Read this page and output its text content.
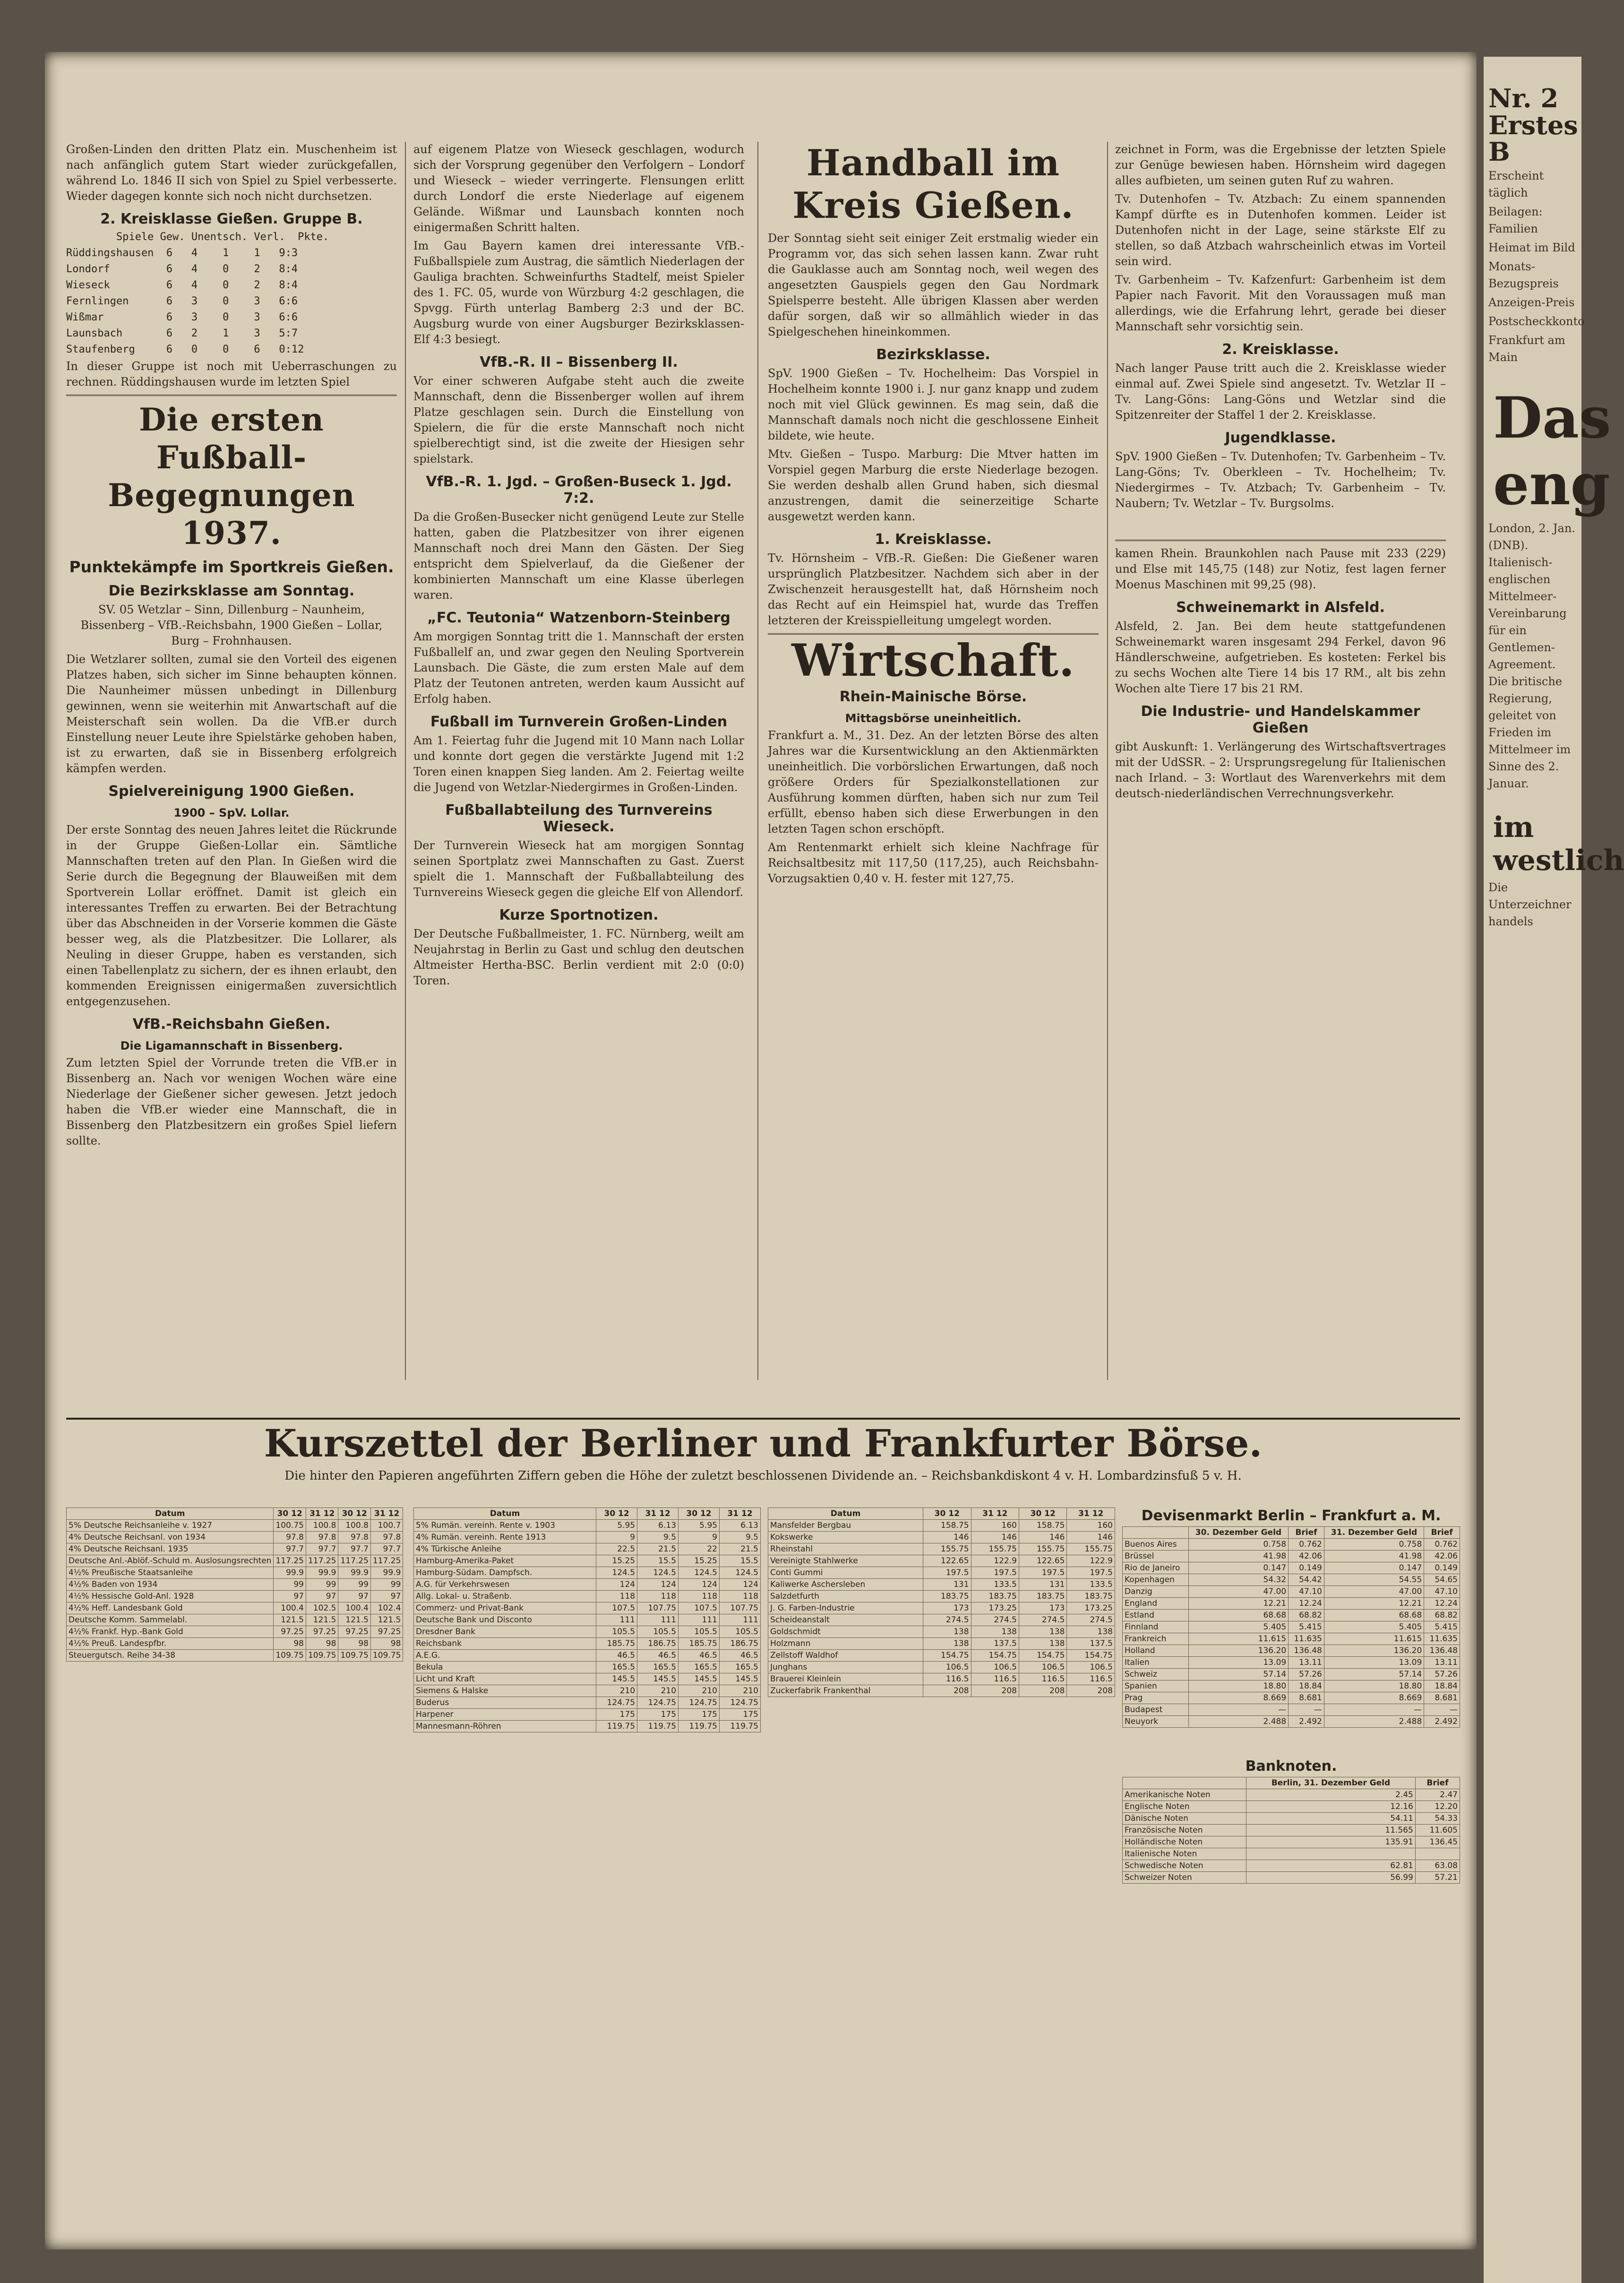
Nr. 2 Erstes B

Erscheint täglich

Beilagen: Familien

Heimat im Bild

Monats-Bezugspreis

Anzeigen-Preis

Postscheckkonto

Frankfurt am Main

Das eng

London, 2. Jan. (DNB). Italienisch-englischen Mittelmeer-Vereinbarung für ein Gentlemen-Agreement. Die britische Regierung, geleitet von Frieden im Mittelmeer im Sinne des 2. Januar.

im westlich

Die Unterzeichner handels

Großen-Linden den dritten Platz ein. Muschenheim ist nach anfänglich gutem Start wieder zurückgefallen, während Lo. 1846 II sich von Spiel zu Spiel verbesserte. Wieder dagegen konnte sich noch nicht durchsetzen.

2. Kreisklasse Gießen. Gruppe B.
Spiele Gew. Unentsch. Verl.  Pkte.
Rüddingshausen  6   4    1    1   9:3
Londorf         6   4    0    2   8:4
Wieseck         6   4    0    2   8:4
Fernlingen      6   3    0    3   6:6
Wißmar          6   3    0    3   6:6
Launsbach       6   2    1    3   5:7
Staufenberg     6   0    0    6   0:12

In dieser Gruppe ist noch mit Ueberraschungen zu rechnen. Rüddingshausen wurde im letzten Spiel

Die ersten Fußball-Begegnungen 1937.
Punktekämpfe im Sportkreis Gießen.
Die Bezirksklasse am Sonntag.

SV. 05 Wetzlar – Sinn, Dillenburg – Naunheim, Bissenberg – VfB.-Reichsbahn, 1900 Gießen – Lollar, Burg – Frohnhausen.

Die Wetzlarer sollten, zumal sie den Vorteil des eigenen Platzes haben, sich sicher im Sinne behaupten können. Die Naunheimer müssen unbedingt in Dillenburg gewinnen, wenn sie weiterhin mit Anwartschaft auf die Meisterschaft sein wollen. Da die VfB.er durch Einstellung neuer Leute ihre Spielstärke gehoben haben, ist zu erwarten, daß sie in Bissenberg erfolgreich kämpfen werden.

Spielvereinigung 1900 Gießen.
1900 – SpV. Lollar.

Der erste Sonntag des neuen Jahres leitet die Rückrunde in der Gruppe Gießen-Lollar ein. Sämtliche Mannschaften treten auf den Plan. In Gießen wird die Serie durch die Begegnung der Blauweißen mit dem Sportverein Lollar eröffnet. Damit ist gleich ein interessantes Treffen zu erwarten. Bei der Betrachtung über das Abschneiden in der Vorserie kommen die Gäste besser weg, als die Platzbesitzer. Die Lollarer, als Neuling in dieser Gruppe, haben es verstanden, sich einen Tabellenplatz zu sichern, der es ihnen erlaubt, den kommenden Ereignissen einigermaßen zuversichtlich entgegenzusehen.

VfB.-Reichsbahn Gießen.
Die Ligamannschaft in Bissenberg.

Zum letzten Spiel der Vorrunde treten die VfB.er in Bissenberg an. Nach vor wenigen Wochen wäre eine Niederlage der Gießener sicher gewesen. Jetzt jedoch haben die VfB.er wieder eine Mannschaft, die in Bissenberg den Platzbesitzern ein großes Spiel liefern sollte.

auf eigenem Platze von Wieseck geschlagen, wodurch sich der Vorsprung gegenüber den Verfolgern – Londorf und Wieseck – wieder verringerte. Flensungen erlitt durch Londorf die erste Niederlage auf eigenem Gelände. Wißmar und Launsbach konnten noch einigermaßen Schritt halten.

Im Gau Bayern kamen drei interessante VfB.-Fußballspiele zum Austrag, die sämtlich Niederlagen der Gauliga brachten. Schweinfurths Stadtelf, meist Spieler des 1. FC. 05, wurde von Würzburg 4:2 geschlagen, die Spvgg. Fürth unterlag Bamberg 2:3 und der BC. Augsburg wurde von einer Augsburger Bezirksklassen-Elf 4:3 besiegt.

VfB.-R. II – Bissenberg II.

Vor einer schweren Aufgabe steht auch die zweite Mannschaft, denn die Bissenberger wollen auf ihrem Platze geschlagen sein. Durch die Einstellung von Spielern, die für die erste Mannschaft noch nicht spielberechtigt sind, ist die zweite der Hiesigen sehr spielstark.

VfB.-R. 1. Jgd. – Großen-Buseck 1. Jgd. 7:2.

Da die Großen-Busecker nicht genügend Leute zur Stelle hatten, gaben die Platzbesitzer von ihrer eigenen Mannschaft noch drei Mann den Gästen. Der Sieg entspricht dem Spielverlauf, da die Gießener der kombinierten Mannschaft um eine Klasse überlegen waren.

„FC. Teutonia“ Watzenborn-Steinberg

Am morgigen Sonntag tritt die 1. Mannschaft der ersten Fußballelf an, und zwar gegen den Neuling Sportverein Launsbach. Die Gäste, die zum ersten Male auf dem Platz der Teutonen antreten, werden kaum Aussicht auf Erfolg haben.

Fußball im Turnverein Großen-Linden

Am 1. Feiertag fuhr die Jugend mit 10 Mann nach Lollar und konnte dort gegen die verstärkte Jugend mit 1:2 Toren einen knappen Sieg landen. Am 2. Feiertag weilte die Jugend von Wetzlar-Niedergirmes in Großen-Linden.

Fußballabteilung des Turnvereins Wieseck.

Der Turnverein Wieseck hat am morgigen Sonntag seinen Sportplatz zwei Mannschaften zu Gast. Zuerst spielt die 1. Mannschaft der Fußballabteilung des Turnvereins Wieseck gegen die gleiche Elf von Allendorf.

Kurze Sportnotizen.

Der Deutsche Fußballmeister, 1. FC. Nürnberg, weilt am Neujahrstag in Berlin zu Gast und schlug den deutschen Altmeister Hertha-BSC. Berlin verdient mit 2:0 (0:0) Toren.

Handball im Kreis Gießen.

Der Sonntag sieht seit einiger Zeit erstmalig wieder ein Programm vor, das sich sehen lassen kann. Zwar ruht die Gauklasse auch am Sonntag noch, weil wegen des angesetzten Gauspiels gegen den Gau Nordmark Spielsperre besteht. Alle übrigen Klassen aber werden dafür sorgen, daß wir so allmählich wieder in das Spielgeschehen hineinkommen.

Bezirksklasse.

SpV. 1900 Gießen – Tv. Hochelheim: Das Vorspiel in Hochelheim konnte 1900 i. J. nur ganz knapp und zudem noch mit viel Glück gewinnen. Es mag sein, daß die Mannschaft damals noch nicht die geschlossene Einheit bildete, wie heute.

Mtv. Gießen – Tuspo. Marburg: Die Mtver hatten im Vorspiel gegen Marburg die erste Niederlage bezogen. Sie werden deshalb allen Grund haben, sich diesmal anzustrengen, damit die seinerzeitige Scharte ausgewetzt werden kann.

1. Kreisklasse.

Tv. Hörnsheim – VfB.-R. Gießen: Die Gießener waren ursprünglich Platzbesitzer. Nachdem sich aber in der Zwischenzeit herausgestellt hat, daß Hörnsheim noch das Recht auf ein Heimspiel hat, wurde das Treffen letzteren der Kreisspielleitung umgelegt worden.

Wirtschaft.
Rhein-Mainische Börse.
Mittagsbörse uneinheitlich.

Frankfurt a. M., 31. Dez. An der letzten Börse des alten Jahres war die Kursentwicklung an den Aktienmärkten uneinheitlich. Die vorbörslichen Erwartungen, daß noch größere Orders für Spezialkonstellationen zur Ausführung kommen dürften, haben sich nur zum Teil erfüllt, ebenso haben sich diese Erwerbungen in den letzten Tagen schon erschöpft.

Am Rentenmarkt erhielt sich kleine Nachfrage für Reichsaltbesitz mit 117,50 (117,25), auch Reichsbahn-Vorzugsaktien 0,40 v. H. fester mit 127,75.

zeichnet in Form, was die Ergebnisse der letzten Spiele zur Genüge bewiesen haben. Hörnsheim wird dagegen alles aufbieten, um seinen guten Ruf zu wahren.

Tv. Dutenhofen – Tv. Atzbach: Zu einem spannenden Kampf dürfte es in Dutenhofen kommen. Leider ist Dutenhofen nicht in der Lage, seine stärkste Elf zu stellen, so daß Atzbach wahrscheinlich etwas im Vorteil sein wird.

Tv. Garbenheim – Tv. Kafzenfurt: Garbenheim ist dem Papier nach Favorit. Mit den Voraussagen muß man allerdings, wie die Erfahrung lehrt, gerade bei dieser Mannschaft sehr vorsichtig sein.

2. Kreisklasse.

Nach langer Pause tritt auch die 2. Kreisklasse wieder einmal auf. Zwei Spiele sind angesetzt. Tv. Wetzlar II – Tv. Lang-Göns: Lang-Göns und Wetzlar sind die Spitzenreiter der Staffel 1 der 2. Kreisklasse.

Jugendklasse.

SpV. 1900 Gießen – Tv. Dutenhofen; Tv. Garbenheim – Tv. Lang-Göns; Tv. Oberkleen – Tv. Hochelheim; Tv. Niedergirmes – Tv. Atzbach; Tv. Garbenheim – Tv. Naubern; Tv. Wetzlar – Tv. Burgsolms.

kamen Rhein. Braunkohlen nach Pause mit 233 (229) und Else mit 145,75 (148) zur Notiz, fest lagen ferner Moenus Maschinen mit 99,25 (98).

Schweinemarkt in Alsfeld.

Alsfeld, 2. Jan. Bei dem heute stattgefundenen Schweinemarkt waren insgesamt 294 Ferkel, davon 96 Händlerschweine, aufgetrieben. Es kosteten: Ferkel bis zu sechs Wochen alte Tiere 14 bis 17 RM., alt bis zehn Wochen alte Tiere 17 bis 21 RM.

Die Industrie- und Handelskammer Gießen

gibt Auskunft: 1. Verlängerung des Wirtschaftsvertrages mit der UdSSR. – 2: Ursprungsregelung für Italienischen nach Irland. – 3: Wortlaut des Warenverkehrs mit dem deutsch-niederländischen Verrechnungsverkehr.

Kurszettel der Berliner und Frankfurter Börse.
Die hinter den Papieren angeführten Ziffern geben die Höhe der zuletzt beschlossenen Dividende an. – Reichsbankdiskont 4 v. H. Lombardzinsfuß 5 v. H.
Datum	30 12	31 12	30 12	31 12
5% Deutsche Reichsanleihe v. 1927	100.75	100.8	100.8	100.7
4% Deutsche Reichsanl. von 1934	97.8	97.8	97.8	97.8
4% Deutsche Reichsanl. 1935	97.7	97.7	97.7	97.7
Deutsche Anl.-Ablöf.-Schuld m. Auslosungsrechten	117.25	117.25	117.25	117.25
4½% Preußische Staatsanleihe	99.9	99.9	99.9	99.9
4½% Baden von 1934	99	99	99	99
4½% Hessische Gold-Anl. 1928	97	97	97	97
4½% Heff. Landesbank Gold	100.4	102.5	100.4	102.4
Deutsche Komm. Sammelabl.	121.5	121.5	121.5	121.5
4½% Frankf. Hyp.-Bank Gold	97.25	97.25	97.25	97.25
4½% Preuß. Landespfbr.	98	98	98	98
Steuergutsch. Reihe 34-38	109.75	109.75	109.75	109.75
Datum	30 12	31 12	30 12	31 12
5% Rumän. vereinh. Rente v. 1903	5.95	6.13	5.95	6.13
4% Rumän. vereinh. Rente 1913	9	9.5	9	9.5
4% Türkische Anleihe	22.5	21.5	22	21.5
Hamburg-Amerika-Paket	15.25	15.5	15.25	15.5
Hamburg-Südam. Dampfsch.	124.5	124.5	124.5	124.5
A.G. für Verkehrswesen	124	124	124	124
Allg. Lokal- u. Straßenb.	118	118	118	118
Commerz- und Privat-Bank	107.5	107.75	107.5	107.75
Deutsche Bank und Disconto	111	111	111	111
Dresdner Bank	105.5	105.5	105.5	105.5
Reichsbank	185.75	186.75	185.75	186.75
A.E.G.	46.5	46.5	46.5	46.5
Bekula	165.5	165.5	165.5	165.5
Licht und Kraft	145.5	145.5	145.5	145.5
Siemens & Halske	210	210	210	210
Buderus	124.75	124.75	124.75	124.75
Harpener	175	175	175	175
Mannesmann-Röhren	119.75	119.75	119.75	119.75
Datum	30 12	31 12	30 12	31 12
Mansfelder Bergbau	158.75	160	158.75	160
Kokswerke	146	146	146	146
Rheinstahl	155.75	155.75	155.75	155.75
Vereinigte Stahlwerke	122.65	122.9	122.65	122.9
Conti Gummi	197.5	197.5	197.5	197.5
Kaliwerke Aschersleben	131	133.5	131	133.5
Salzdetfurth	183.75	183.75	183.75	183.75
J. G. Farben-Industrie	173	173.25	173	173.25
Scheideanstalt	274.5	274.5	274.5	274.5
Goldschmidt	138	138	138	138
Holzmann	138	137.5	138	137.5
Zellstoff Waldhof	154.75	154.75	154.75	154.75
Junghans	106.5	106.5	106.5	106.5
Brauerei Kleinlein	116.5	116.5	116.5	116.5
Zuckerfabrik Frankenthal	208	208	208	208
Devisenmarkt Berlin – Frankfurt a. M.
	30. Dezember Geld	Brief	31. Dezember Geld	Brief
Buenos Aires	0.758	0.762	0.758	0.762
Brüssel	41.98	42.06	41.98	42.06
Rio de Janeiro	0.147	0.149	0.147	0.149
Kopenhagen	54.32	54.42	54.55	54.65
Danzig	47.00	47.10	47.00	47.10
England	12.21	12.24	12.21	12.24
Estland	68.68	68.82	68.68	68.82
Finnland	5.405	5.415	5.405	5.415
Frankreich	11.615	11.635	11.615	11.635
Holland	136.20	136.48	136.20	136.48
Italien	13.09	13.11	13.09	13.11
Schweiz	57.14	57.26	57.14	57.26
Spanien	18.80	18.84	18.80	18.84
Prag	8.669	8.681	8.669	8.681
Budapest	—	—	—	—
Neuyork	2.488	2.492	2.488	2.492
Banknoten.
	Berlin, 31. Dezember Geld	Brief
Amerikanische Noten	2.45	2.47
Englische Noten	12.16	12.20
Dänische Noten	54.11	54.33
Französische Noten	11.565	11.605
Holländische Noten	135.91	136.45
Italienische Noten		
Schwedische Noten	62.81	63.08
Schweizer Noten	56.99	57.21
